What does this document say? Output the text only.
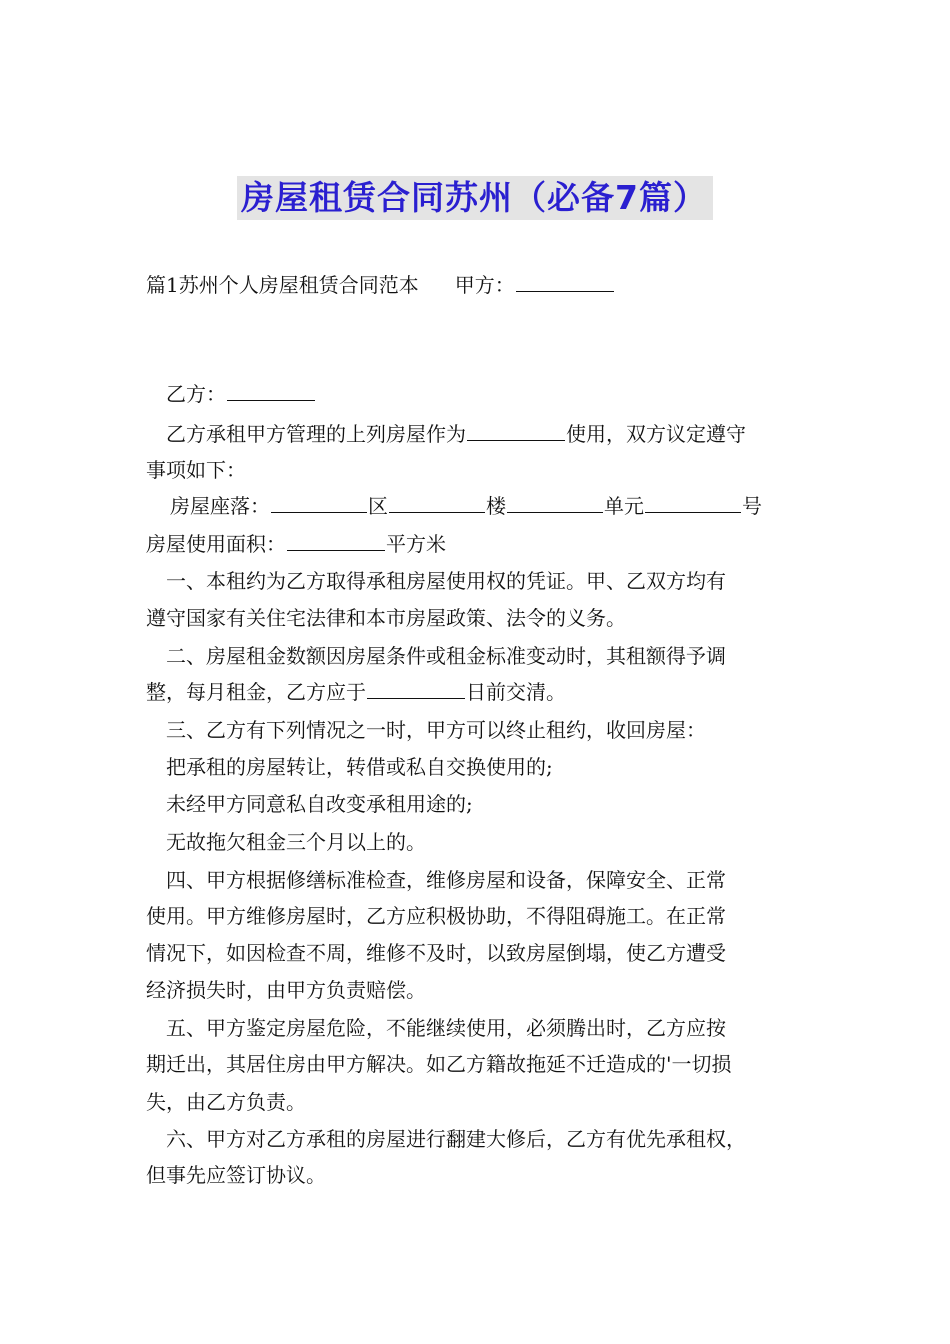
房屋租赁合同苏州（必备7篇）
篇1苏州个人房屋租赁合同范本 甲方：
乙方：
乙方承租甲方管理的上列房屋作为	使用，双方议定遵守
事项如下：
房屋座落：	区	楼	单元	号
房屋使用面积：	平方米
一、本租约为乙方取得承租房屋使用权的凭证。甲、乙双方均有
遵守国家有关住宅法律和本市房屋政策、法令的义务。
二、房屋租金数额因房屋条件或租金标准变动时，其租额得予调
整，每月租金，乙方应于	日前交清。
三、乙方有下列情况之一时，甲方可以终止租约，收回房屋：
把承租的房屋转让，转借或私自交换使用的;
未经甲方同意私自改变承租用途的;
无故拖欠租金三个月以上的。
四、甲方根据修缮标准检查，维修房屋和设备，保障安全、正常
使用。甲方维修房屋时，乙方应积极协助，不得阻碍施工。在正常
情况下，如因检查不周，维修不及时，以致房屋倒塌，使乙方遭受
经济损失时，由甲方负责赔偿。
五、甲方鉴定房屋危险，不能继续使用，必须腾出时，乙方应按
期迁出，其居住房由甲方解决。如乙方籍故拖延不迁造成的'一切损
失，由乙方负责。
六、甲方对乙方承租的房屋进行翻建大修后，乙方有优先承租权，
但事先应签订协议。
